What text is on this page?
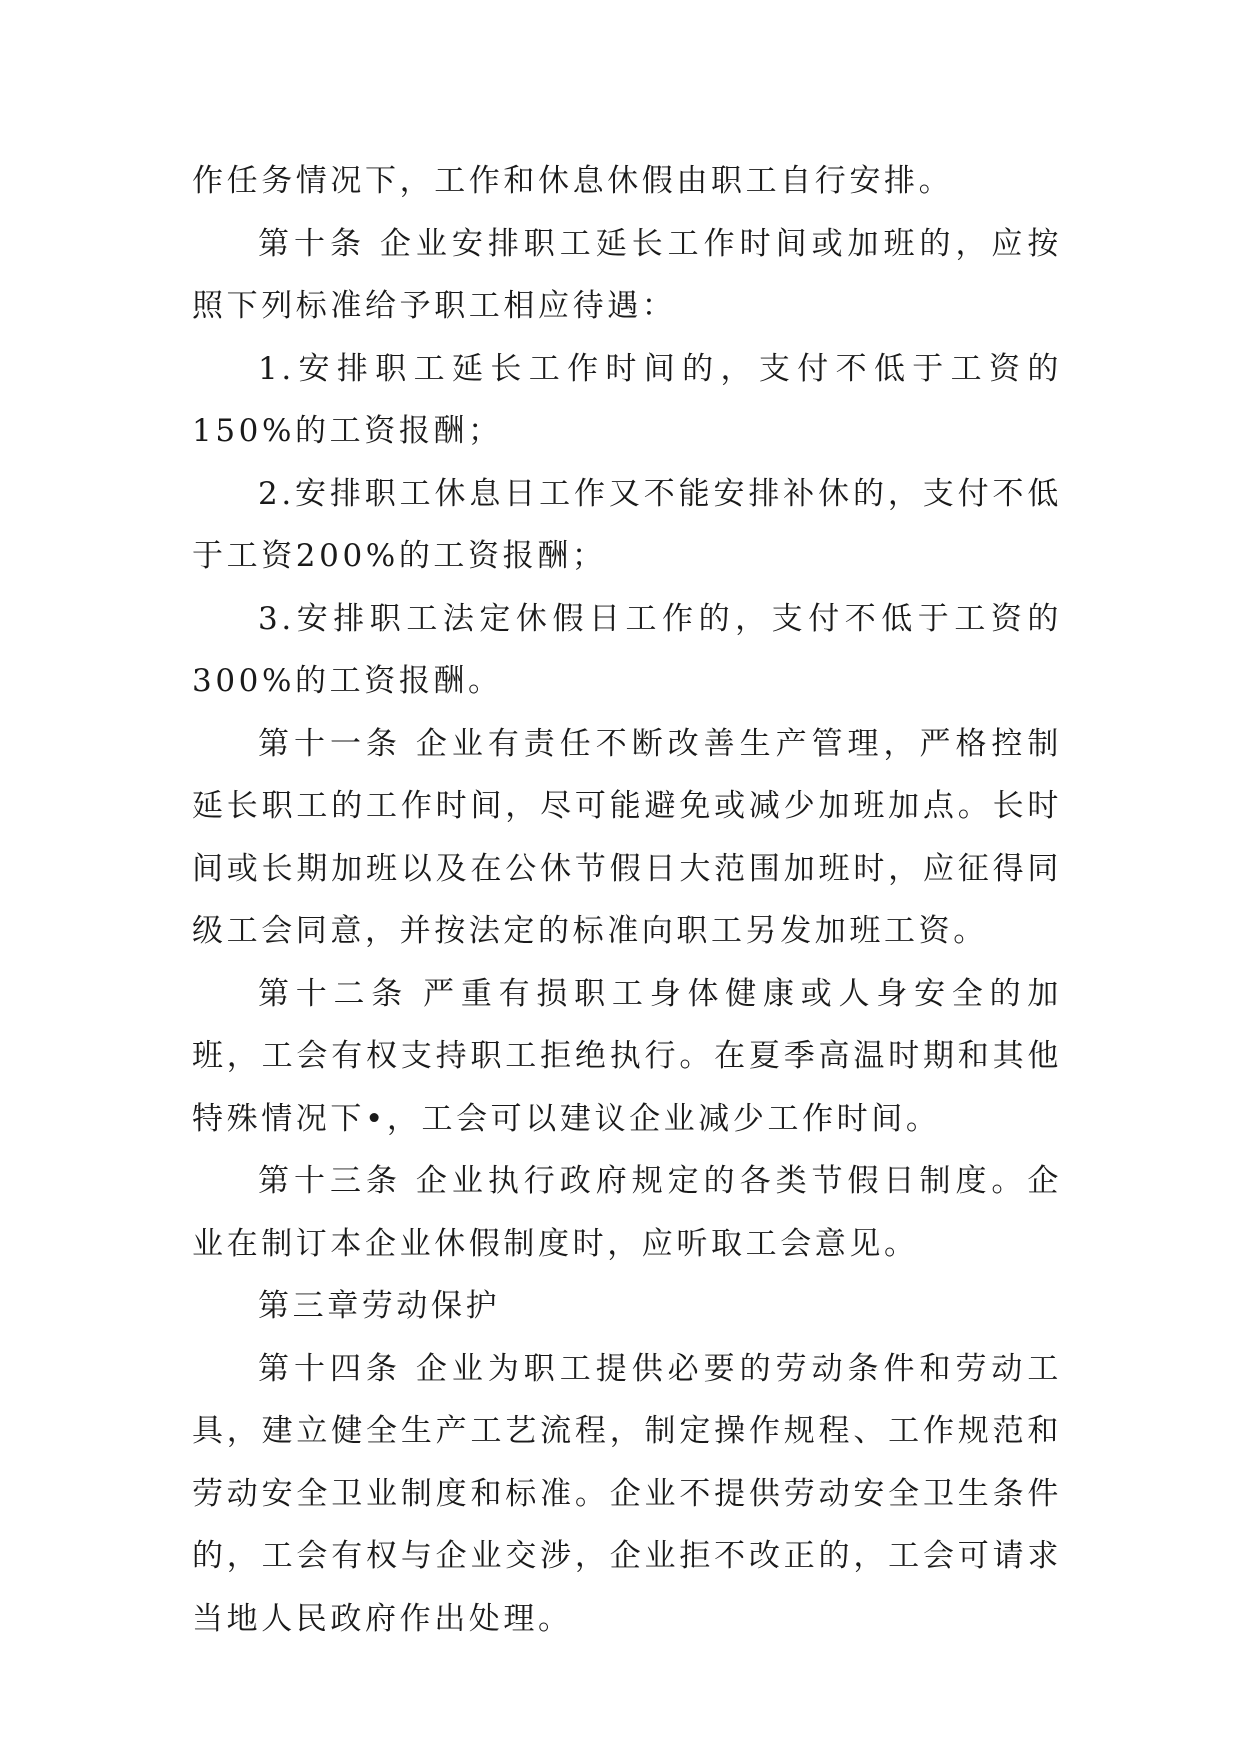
作任务情况下，工作和休息休假由职工自行安排。

第十条 企业安排职工延长工作时间或加班的，应按照下列标准给予职工相应待遇：

1.安排职工延长工作时间的，支付不低于工资的150%的工资报酬；

2.安排职工休息日工作又不能安排补休的，支付不低于工资200%的工资报酬；

3.安排职工法定休假日工作的，支付不低于工资的300%的工资报酬。

第十一条 企业有责任不断改善生产管理，严格控制延长职工的工作时间，尽可能避免或减少加班加点。长时间或长期加班以及在公休节假日大范围加班时，应征得同级工会同意，并按法定的标准向职工另发加班工资。

第十二条 严重有损职工身体健康或人身安全的加班，工会有权支持职工拒绝执行。在夏季高温时期和其他特殊情况下•，工会可以建议企业减少工作时间。

第十三条 企业执行政府规定的各类节假日制度。企业在制订本企业休假制度时，应听取工会意见。

第三章劳动保护

第十四条 企业为职工提供必要的劳动条件和劳动工具，建立健全生产工艺流程，制定操作规程、工作规范和劳动安全卫业制度和标准。企业不提供劳动安全卫生条件的，工会有权与企业交涉，企业拒不改正的，工会可请求当地人民政府作出处理。
